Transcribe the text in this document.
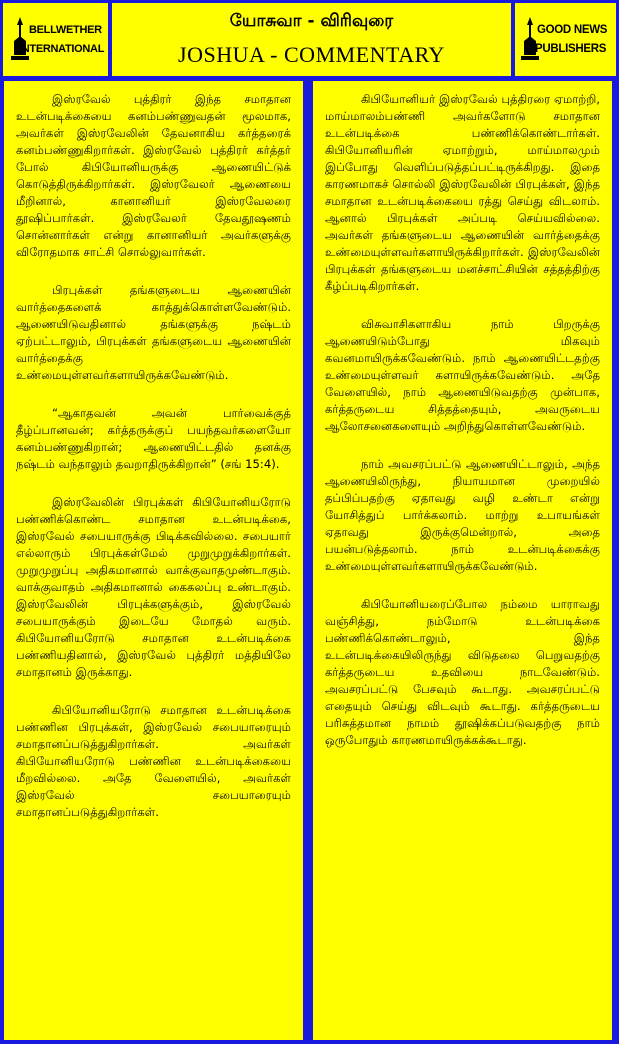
BELLWETHER
INTERNATIONAL
யோசுவா - விரிவுரை
JOSHUA - COMMENTARY
GOOD NEWS
PUBLISHERS

இஸ்ரவேல் புத்திரர் இந்த சமாதான உடன்படிக்கையை கனம்பண்ணுவதன் மூலமாக, அவர்கள் இஸ்ரவேலின் தேவனாகிய கர்த்தரைக் கனம்பண்ணுகிறார்கள். இஸ்ரவேல் புத்திரர் கர்த்தர் போல் கிபியோனியருக்கு ஆணையிட்டுக் கொடுத்திருக்கிறார்கள். இஸ்ரவேலர் ஆணையை மீறினால், கானானியர் இஸ்ரவேலரை தூஷிப்பார்கள். இஸ்ரவேலர் தேவதூஷணம் சொன்னார்கள் என்று கானானியர் அவர்களுக்கு விரோதமாக சாட்சி சொல்லுவார்கள்.

பிரபுக்கள் தங்களுடைய ஆணையின் வார்த்தைகளைக் காத்துக்கொள்ளவேண்டும். ஆணையிடுவதினால் தங்களுக்கு நஷ்டம் ஏற்பட்டாலும், பிரபுக்கள் தங்களுடைய ஆணையின் வார்த்தைக்கு உண்மையுள்ளவர்களாயிருக்கவேண்டும்.

“ஆகாதவன் அவன் பார்வைக்குத் தீழ்ப்பானவன்; கர்த்தருக்குப் பயந்தவர்களையோ கனம்பண்ணுகிறான்; ஆணையிட்டதில் தனக்கு நஷ்டம் வந்தாலும் தவறாதிருக்கிறான்” (சங் 15:4).

இஸ்ரவேலின் பிரபுக்கள் கிபியோனியரோடு பண்ணிக்கொண்ட சமாதான உடன்படிக்கை, இஸ்ரவேல் சபையாருக்கு பிடிக்கவில்லை. சபையார் எல்லாரும் பிரபுக்கள்மேல் முறுமுறுக்கிறார்கள். முறுமுறுப்பு அதிகமானால் வாக்குவாதமுண்டாகும். வாக்குவாதம் அதிகமானால் கைகலப்பு உண்டாகும். இஸ்ரவேலின் பிரபுக்களுக்கும், இஸ்ரவேல் சபையாருக்கும் இடையே மோதல் வரும். கிபியோனியரோடு சமாதான உடன்படிக்கை பண்ணியதினால், இஸ்ரவேல் புத்திரர் மத்தியிலே சமாதானம் இருக்காது.

கிபியோனியரோடு சமாதான உடன்படிக்கை பண்ணின பிரபுக்கள், இஸ்ரவேல் சபையாரையும் சமாதானப்படுத்துகிறார்கள். அவர்கள் கிபியோனியரோடு பண்ணின உடன்படிக்கையை மீறவில்லை. அதே வேளையில், அவர்கள் இஸ்ரவேல் சபையாரையும் சமாதானப்படுத்துகிறார்கள்.

கிபியோனியர் இஸ்ரவேல் புத்திரரை ஏமாற்றி, மாய்மாலம்பண்ணி அவர்களோடு சமாதான உடன்படிக்கை பண்ணிக்கொண்டார்கள். கிபியோனியரின் ஏமாற்றும், மாய்மாலமும் இப்போது வெளிப்படுத்தப்பட்டிருக்கிறது. இதை காரணமாகச் சொல்லி இஸ்ரவேலின் பிரபுக்கள், இந்த சமாதான உடன்படிக்கையை ரத்து செய்து விடலாம். ஆனால் பிரபுக்கள் அப்படி செய்யவில்லை. அவர்கள் தங்களுடைய ஆணையின் வார்த்தைக்கு உண்மையுள்ளவர்களாயிருக்கிறார்கள். இஸ்ரவேலின் பிரபுக்கள் தங்களுடைய மனச்சாட்சியின் சத்தத்திற்கு கீழ்ப்படிகிறார்கள்.

விசுவாசிகளாகிய நாம் பிறருக்கு ஆணையிடும்போது மிகவும் கவனமாயிருக்கவேண்டும். நாம் ஆணையிட்டதற்கு உண்மையுள்ளவர் களாயிருக்கவேண்டும். அதே வேளையில், நாம் ஆணையிடுவதற்கு முன்பாக, கர்த்தருடைய சித்தத்தையும், அவருடைய ஆலோசனைகளையும் அறிந்துகொள்ளவேண்டும்.

நாம் அவசரப்பட்டு ஆணையிட்டாலும், அந்த ஆணையிலிருந்து, நியாயமான முறையில் தப்பிப்பதற்கு ஏதாவது வழி உண்டா என்று யோசித்துப் பார்க்கலாம். மாற்று உபாயங்கள் ஏதாவது இருக்குமென்றால், அதை பயன்படுத்தலாம். நாம் உடன்படிக்கைக்கு உண்மையுள்ளவர்களாயிருக்கவேண்டும்.

கிபியோனியரைப்போல நம்மை யாராவது வஞ்சித்து, நம்மோடு உடன்படிக்கை பண்ணிக்கொண்டாலும், இந்த உடன்படிக்கையிலிருந்து விடுதலை பெறுவதற்கு கர்த்தருடைய உதவியை நாடவேண்டும். அவசரப்பட்டு பேசவும் கூடாது. அவசரப்பட்டு எதையும் செய்து விடவும் கூடாது. கர்த்தருடைய பரிசுத்தமான நாமம் தூஷிக்கப்படுவதற்கு நாம் ஒருபோதும் காரணமாயிருக்கக்கூடாது.
